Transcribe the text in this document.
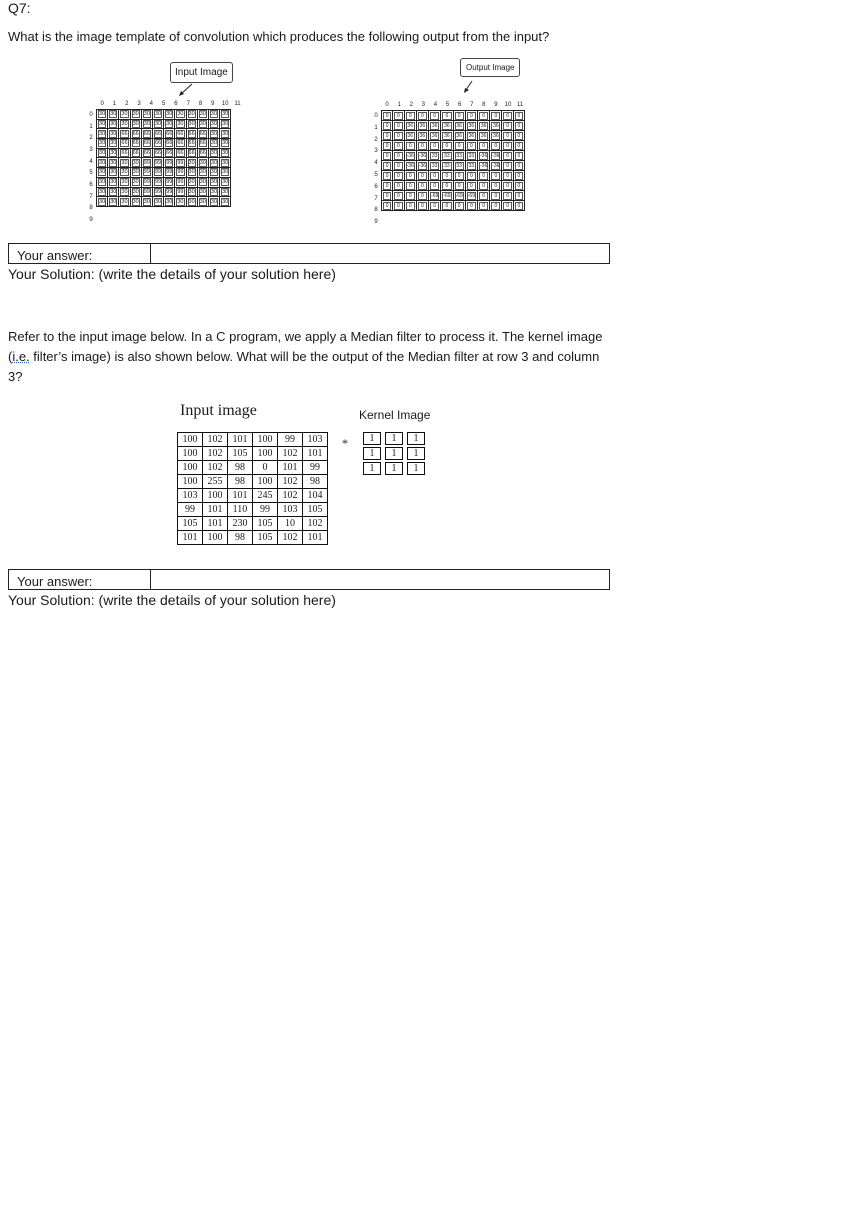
Q7:
What is the image template of convolution which produces the following output from the input?
Input Image	Output Image
0 1 2 3 4 5 6 7 8 9 10 11
0
1
2
3
4
5
6
7
8
9
30	30	30	30	30	30	30	30	30	30	30	30

30	30	30	30	30	30	30	30	30	30	30	30

30	30	66	66	66	66	66	66	66	66	30	30

30	30	66	66	66	66	66	66	66	66	30	30

30	30	66	66	66	66	66	66	66	66	30	30

30	30	30	30	99	99	99	99	30	30	30	30

30	30	30	30	99	99	99	99	30	30	30	30

30	30	30	30	99	99	99	99	30	30	30	30

30	30	30	30	99	99	99	99	30	30	30	30

30	30	30	30	30	30	30	30	30	30	30	30
0 1 2 3 4 5 6 7 8 9 10 11
0
1
2
3
4
5
6
7
8
9
0	0	0	0	0	0	0	0	0	0	0	0

0	0	36	36	36	36	36	36	36	36	0	0

0	0	36	36	36	36	36	36	36	36	0	0

0	0	0	0	0	0	0	0	0	0	0	0

0	0	-36	-36	33	33	33	33	-36	-36	0	0

0	0	-36	-36	33	33	33	33	-36	-36	0	0

0	0	0	0	0	0	0	0	0	0	0	0

0	0	0	0	0	0	0	0	0	0	0	0

0	0	0	0	-69	-69	-69	-69	0	0	0	0

0	0	0	0	0	0	0	0	0	0	0	0
Your answer:
Your Solution: (write the details of your solution here)
Refer to the input image below. In a C program, we apply a Median filter to process it. The kernel image (i.e. filter’s image) is also shown below. What will be the output of the Median filter at row 3 and column 3?
Input image	Kernel Image
100	102	101	100	99	103
100	102	105	100	102	101
100	102	98	0	101	99
100	255	98	100	102	98
103	100	101	245	102	104
99	101	110	99	103	105
105	101	230	105	10	102
101	100	98	105	102	101
* 1	1	1
1	1	1
1	1	1
Your answer:
Your Solution: (write the details of your solution here)
